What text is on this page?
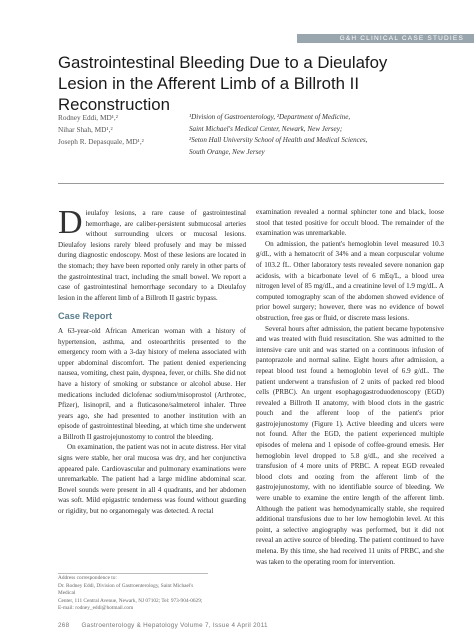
G&H CLINICAL CASE STUDIES
Gastrointestinal Bleeding Due to a Dieulafoy Lesion in the Afferent Limb of a Billroth II Reconstruction
Rodney Eddi, MD¹,²
Nihar Shah, MD¹,²
Joseph R. Depasquale, MD¹,²
¹Division of Gastroenterology, ²Department of Medicine,
Saint Michael's Medical Center, Newark, New Jersey;
²Seton Hall University School of Health and Medical Sciences,
South Orange, New Jersey

Dieulafoy lesions, a rare cause of gastrointestinal hemorrhage, are caliber-persistent submucosal arteries without surrounding ulcers or mucosal lesions. Dieulafoy lesions rarely bleed profusely and may be missed during diagnostic endoscopy. Most of these lesions are located in the stomach; they have been reported only rarely in other parts of the gastrointestinal tract, including the small bowel. We report a case of gastrointestinal hemorrhage secondary to a Dieulafoy lesion in the afferent limb of a Billroth II gastric bypass.

Case Report

A 63-year-old African American woman with a history of hypertension, asthma, and osteoarthritis presented to the emergency room with a 3-day history of melena associated with upper abdominal discomfort. The patient denied experiencing nausea, vomiting, chest pain, dyspnea, fever, or chills. She did not have a history of smoking or substance or alcohol abuse. Her medications included diclofenac sodium/misoprostol (Arthrotec, Pfizer), lisinopril, and a fluticasone/salmeterol inhaler. Three years ago, she had presented to another institution with an episode of gastrointestinal bleeding, at which time she underwent a Billroth II gastrojejunostomy to control the bleeding.

On examination, the patient was not in acute distress. Her vital signs were stable, her oral mucosa was dry, and her conjunctiva appeared pale. Cardiovascular and pulmonary examinations were unremarkable. The patient had a large midline abdominal scar. Bowel sounds were present in all 4 quadrants, and her abdomen was soft. Mild epigastric tenderness was found without guarding or rigidity, but no organomegaly was detected. A rectal

Address correspondence to:
Dr. Rodney Eddi, Division of Gastroenterology, Saint Michael's Medical
Center, 111 Central Avenue, Newark, NJ 07102; Tel: 973-904-0629;
E-mail: rodney_eddi@hotmail.com

examination revealed a normal sphincter tone and black, loose stool that tested positive for occult blood. The remainder of the examination was unremarkable.

On admission, the patient's hemoglobin level measured 10.3 g/dL, with a hematocrit of 34% and a mean corpuscular volume of 103.2 fL. Other laboratory tests revealed severe nonanion gap acidosis, with a bicarbonate level of 6 mEq/L, a blood urea nitrogen level of 85 mg/dL, and a creatinine level of 1.9 mg/dL. A computed tomography scan of the abdomen showed evidence of prior bowel surgery; however, there was no evidence of bowel obstruction, free gas or fluid, or discrete mass lesions.

Several hours after admission, the patient became hypotensive and was treated with fluid resuscitation. She was admitted to the intensive care unit and was started on a continuous infusion of pantoprazole and normal saline. Eight hours after admission, a repeat blood test found a hemoglobin level of 6.9 g/dL. The patient underwent a transfusion of 2 units of packed red blood cells (PRBC). An urgent esophagogastroduodenoscopy (EGD) revealed a Billroth II anatomy, with blood clots in the gastric pouch and the afferent loop of the patient's prior gastrojejunostomy (Figure 1). Active bleeding and ulcers were not found. After the EGD, the patient experienced multiple episodes of melena and 1 episode of coffee-ground emesis. Her hemoglobin level dropped to 5.8 g/dL, and she received a transfusion of 4 more units of PRBC. A repeat EGD revealed blood clots and oozing from the afferent limb of the gastrojejunostomy, with no identifiable source of bleeding. We were unable to examine the entire length of the afferent limb. Although the patient was hemodynamically stable, she required additional transfusions due to her low hemoglobin level. At this point, a selective angiography was performed, but it did not reveal an active source of bleeding. The patient continued to have melena. By this time, she had received 11 units of PRBC, and she was taken to the operating room for intervention.

268 Gastroenterology & Hepatology Volume 7, Issue 4 April 2011
